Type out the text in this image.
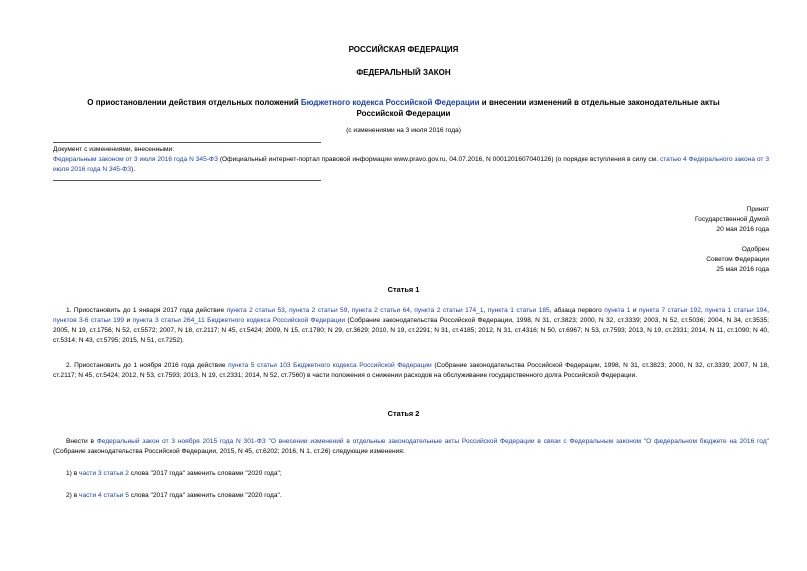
РОССИЙСКАЯ ФЕДЕРАЦИЯ
ФЕДЕРАЛЬНЫЙ ЗАКОН
О приостановлении действия отдельных положений Бюджетного кодекса Российской Федерации и внесении изменений в отдельные законодательные акты
Российской Федерации
(с изменениями на 3 июля 2016 года)

Документ с изменениями, внесенными:

Федеральным законом от 3 июля 2016 года N 345-ФЗ (Официальный интернет-портал правовой информации www.pravo.gov.ru, 04.07.2016, N 0001201607040126) (о порядке вступления в силу см. статью 4 Федерального закона от 3 июля 2016 года N 345-ФЗ).

Принят

Государственной Думой

20 мая 2016 года

Одобрен

Советом Федерации

25 мая 2016 года

Статья 1

1. Приостановить до 1 января 2017 года действие пункта 2 статьи 53, пункта 2 статьи 59, пункта 2 статьи 64, пункта 2 статьи 174_1, пункта 1 статьи 185, абзаца первого пункта 1 и пункта 7 статьи 192, пункта 1 статьи 194, пунктов 3-6 статьи 199 и пункта 3 статьи 264_11 Бюджетного кодекса Российской Федерации (Собрание законодательства Российской Федерации, 1998, N 31, ст.3823; 2000, N 32, ст.3339; 2003, N 52, ст.5036; 2004, N 34, ст.3535; 2005, N 19, ст.1756; N 52, ст.5572; 2007, N 18, ст.2117; N 45, ст.5424; 2009, N 15, ст.1780; N 29, ст.3629; 2010, N 19, ст.2291; N 31, ст.4185; 2012, N 31, ст.4316; N 50, ст.6967; N 53, ст.7593; 2013, N 19, ст.2331; 2014, N 11, ст.1090; N 40, ст.5314; N 43, ст.5795; 2015, N 51, ст.7252).

2. Приостановить до 1 ноября 2016 года действие пункта 5 статьи 103 Бюджетного кодекса Российской Федерации (Собрание законодательства Российской Федерации, 1998, N 31, ст.3823; 2000, N 32, ст.3339; 2007, N 18, ст.2117; N 45, ст.5424; 2012, N 53, ст.7593; 2013, N 19, ст.2331; 2014, N 52, ст.7560) в части положения о снижении расходов на обслуживание государственного долга Российской Федерации.

Статья 2

Внести в Федеральный закон от 3 ноября 2015 года N 301-ФЗ "О внесении изменений в отдельные законодательные акты Российской Федерации в связи с Федеральным законом "О федеральном бюджете на 2016 год" (Собрание законодательства Российской Федерации, 2015, N 45, ст.6202; 2016, N 1, ст.26) следующие изменения:

1) в части 3 статьи 2 слова "2017 года" заменить словами "2020 года";

2) в части 4 статьи 5 слова "2017 года" заменить словами "2020 года".
